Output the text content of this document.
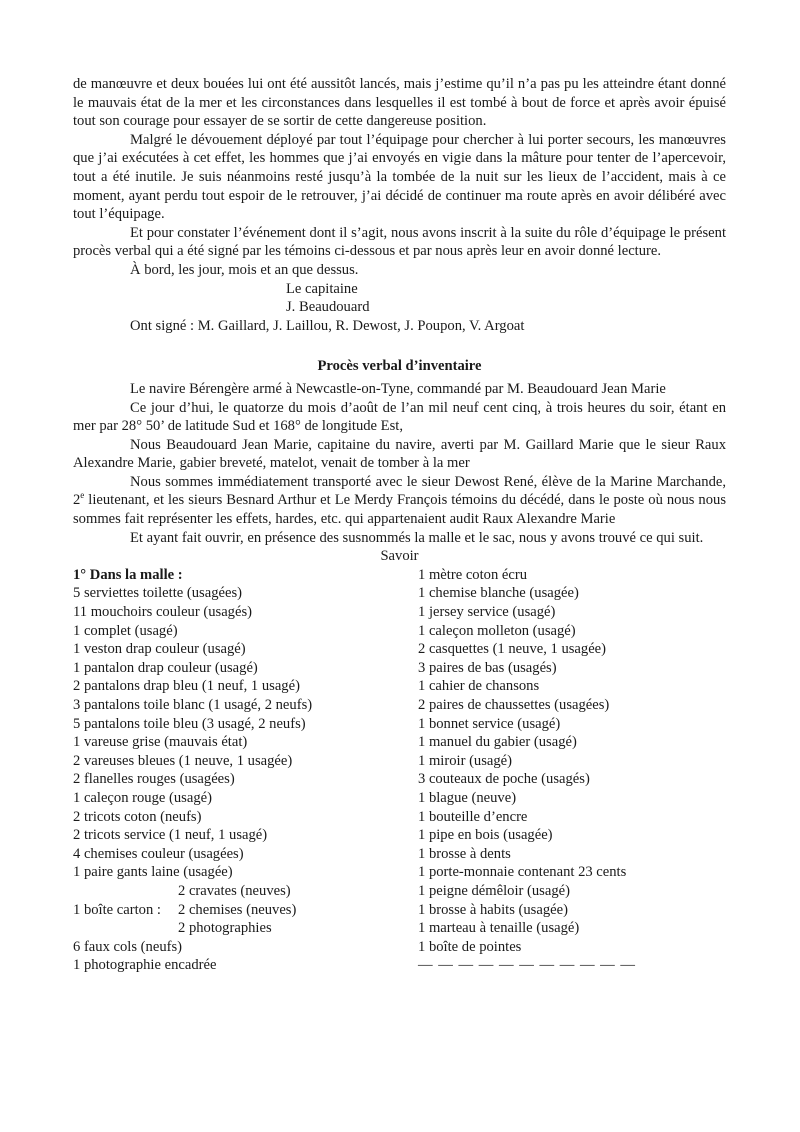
de manœuvre et deux bouées lui ont été aussitôt lancés, mais j’estime qu’il n’a pas pu les atteindre étant donné le mauvais état de la mer et les circonstances dans lesquelles il est tombé à bout de force et après avoir épuisé tout son courage pour essayer de se sortir de cette dangereuse position.

Malgré le dévouement déployé par tout l’équipage pour chercher à lui porter secours, les manœuvres que j’ai exécutées à cet effet, les hommes que j’ai envoyés en vigie dans la mâture pour tenter de l’apercevoir, tout a été inutile. Je suis néanmoins resté jusqu’à la tombée de la nuit sur les lieux de l’accident, mais à ce moment, ayant perdu tout espoir de le retrouver, j’ai décidé de continuer ma route après en avoir délibéré avec tout l’équipage.

Et pour constater l’événement dont il s’agit, nous avons inscrit à la suite du rôle d’équipage le présent procès verbal qui a été signé par les témoins ci-dessous et par nous après leur en avoir donné lecture.

À bord, les jour, mois et an que dessus.

Le capitaine
J. Beaudouard

Ont signé : M. Gaillard, J. Laillou, R. Dewost, J. Poupon, V. Argoat

Procès verbal d’inventaire

Le navire Bérengère armé à Newcastle-on-Tyne, commandé par M. Beaudouard Jean Marie

Ce jour d’hui, le quatorze du mois d’août de l’an mil neuf cent cinq, à trois heures du soir, étant en mer par 28° 50’ de latitude Sud et 168° de longitude Est,

Nous Beaudouard Jean Marie, capitaine du navire, averti par M. Gaillard Marie que le sieur Raux Alexandre Marie, gabier breveté, matelot, venait de tomber à la mer

Nous sommes immédiatement transporté avec le sieur Dewost René, élève de la Marine Marchande, 2e lieutenant, et les sieurs Besnard Arthur et Le Merdy François témoins du décédé, dans le poste où nous nous sommes fait représenter les effets, hardes, etc. qui appartenaient audit Raux Alexandre Marie

Et ayant fait ouvrir, en présence des susnommés la malle et le sac, nous y avons trouvé ce qui suit.

Savoir
1° Dans la malle :
5 serviettes toilette (usagées)
11 mouchoirs couleur (usagés)
1 complet (usagé)
1 veston drap couleur (usagé)
1 pantalon drap couleur (usagé)
2 pantalons drap bleu (1 neuf, 1 usagé)
3 pantalons toile blanc (1 usagé, 2 neufs)
5 pantalons toile bleu (3 usagé, 2 neufs)
1 vareuse grise (mauvais état)
2 vareuses bleues (1 neuve, 1 usagée)
2 flanelles rouges (usagées)
1 caleçon rouge (usagé)
2 tricots coton (neufs)
2 tricots service (1 neuf, 1 usagé)
4 chemises couleur (usagées)
1 paire gants laine (usagée)
2 cravates (neuves)
1 boîte carton :	2 chemises (neuves)
2 photographies
6 faux cols (neufs)
1 photographie encadrée
1 mètre coton écru
1 chemise blanche (usagée)
1 jersey service (usagé)
1 caleçon molleton (usagé)
2 casquettes (1 neuve, 1 usagée)
3 paires de bas (usagés)
1 cahier de chansons
2 paires de chaussettes (usagées)
1 bonnet service (usagé)
1 manuel du gabier (usagé)
1 miroir (usagé)
3 couteaux de poche (usagés)
1 blague (neuve)
1 bouteille d’encre
1 pipe en bois (usagée)
1 brosse à dents
1 porte-monnaie contenant 23 cents
1 peigne démêloir (usagé)
1 brosse à habits (usagée)
1 marteau à tenaille (usagé)
1 boîte de pointes
— — — — — — — — — — —
